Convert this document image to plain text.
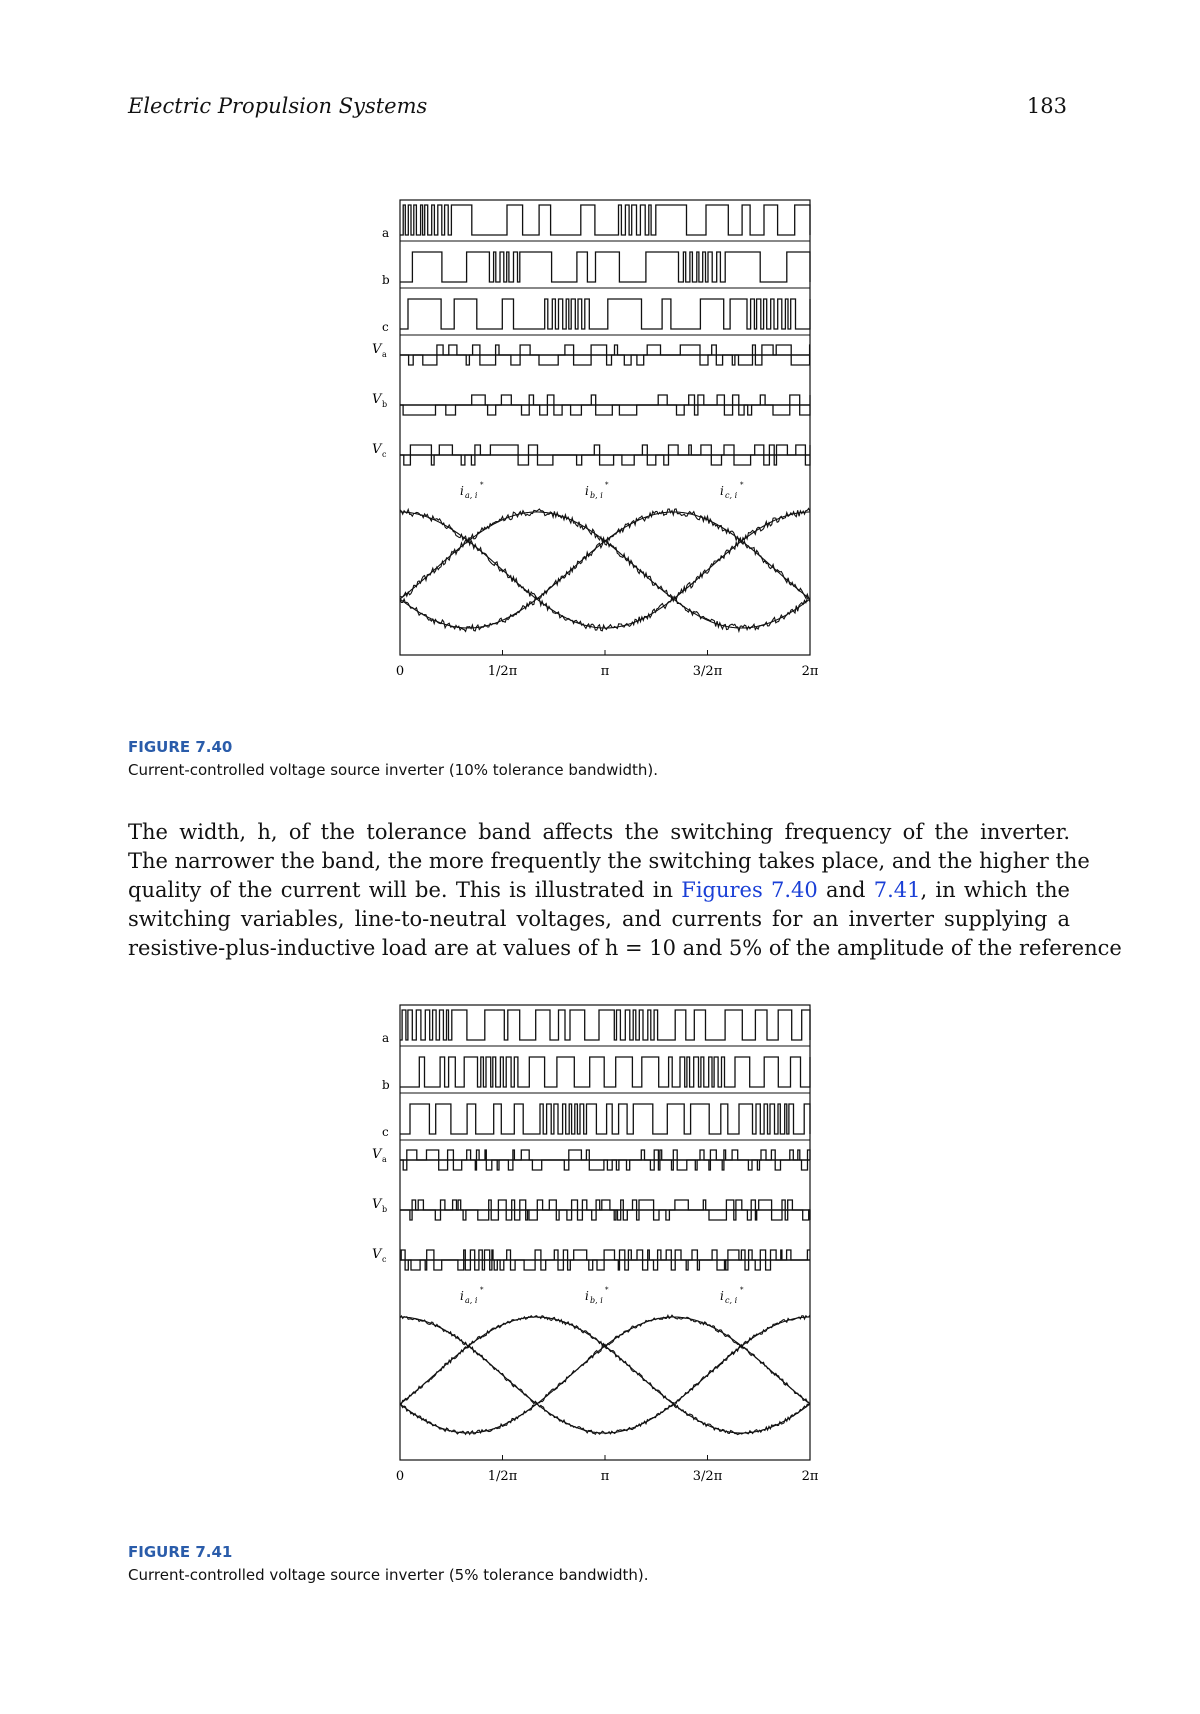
Electric Propulsion Systems	183
a
b
c
V a
V b
V c
i a, i
*	i b, i
*	i c, i
*
0	1/2π	π	3/2π	2π
FIGURE 7.40
Current-controlled voltage source inverter (10% tolerance bandwidth).
The width, h, of the tolerance band affects the switching frequency of the inverter.
The narrower the band, the more frequently the switching takes place, and the higher the
quality of the current will be. This is illustrated in Figures 7.40 and 7.41, in which the
switching variables, line-to-neutral voltages, and currents for an inverter supplying a
resistive-plus-inductive load are at values of h = 10 and 5% of the amplitude of the reference
a
b
c
V a
V b
V c
i a, i
*	i b, i
*	i c, i
*
0	1/2π	π	3/2π	2π
FIGURE 7.41
Current-controlled voltage source inverter (5% tolerance bandwidth).
